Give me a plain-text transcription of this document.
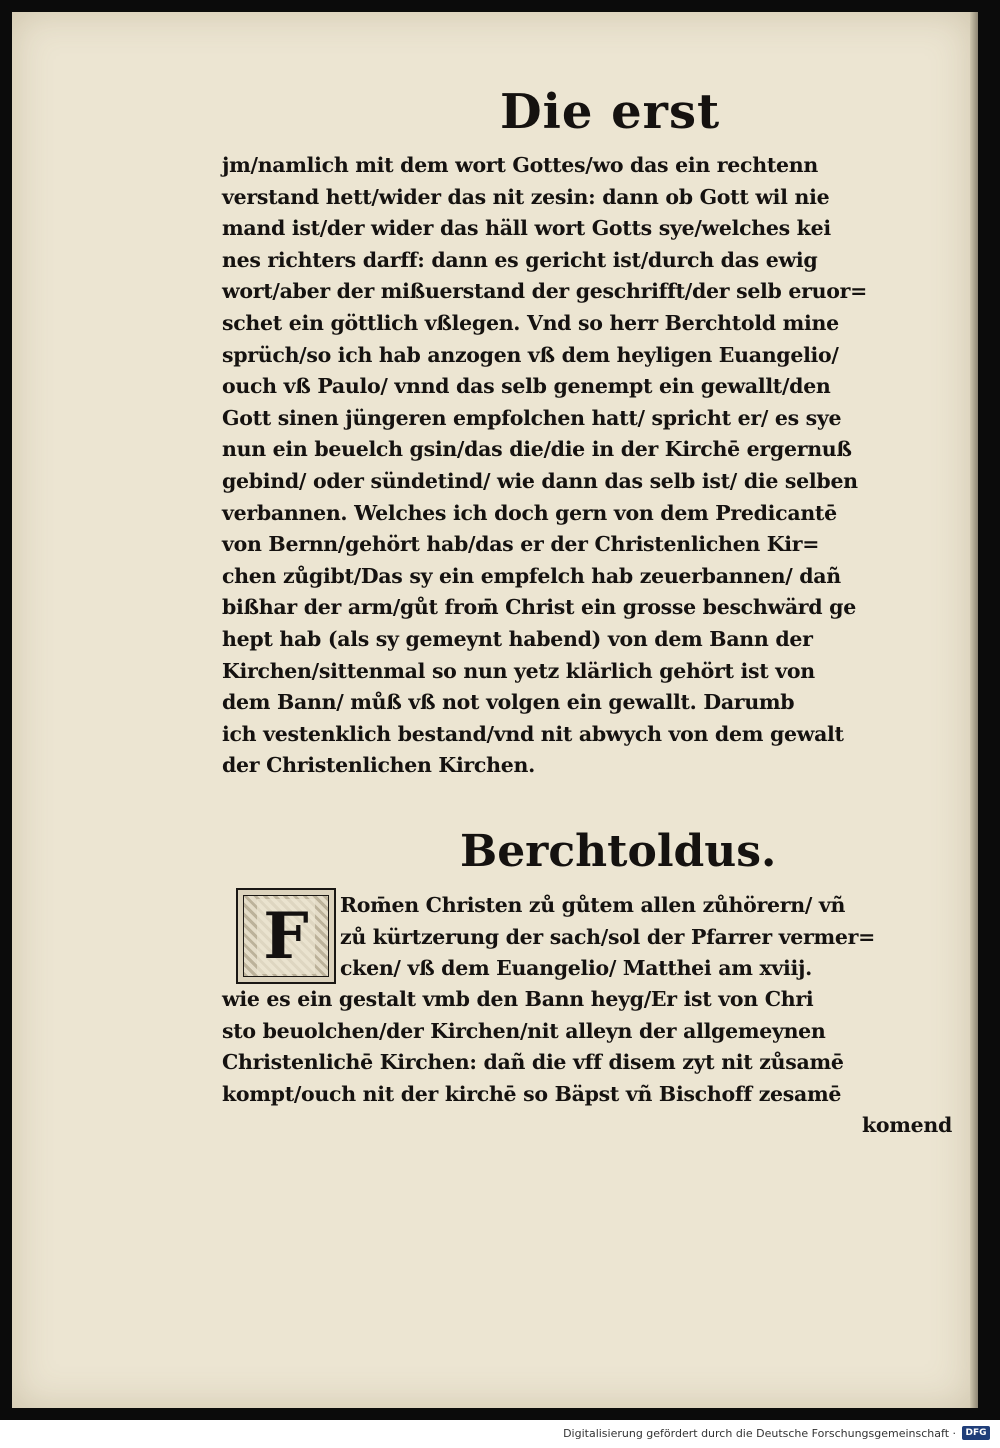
Die erst
jm/namlich mit dem wort Gottes/wo das ein rechtenn
verstand hett/wider das nit zesin: dann ob Gott wil nie
mand ist/der wider das häll wort Gotts sye/welches kei
nes richters darff: dann es gericht ist/durch das ewig
wort/aber der mißuerstand der geschrifft/der selb eruor=
schet ein göttlich vßlegen. Vnd so herr Berchtold mine
sprüch/so ich hab anzogen vß dem heyligen Euangelio/
ouch vß Paulo/ vnnd das selb genempt ein gewallt/den
Gott sinen jüngeren empfolchen hatt/ spricht er/ es sye
nun ein beuelch gsin/das die/die in der Kirchē ergernuß
gebind/ oder sündetind/ wie dann das selb ist/ die selben
verbannen. Welches ich doch gern von dem Predicantē
von Bernn/gehört hab/das er der Christenlichen Kir=
chen zůgibt/Das sy ein empfelch hab zeuerbannen/ dañ
bißhar der arm/gůt from̄ Christ ein grosse beschwärd ge
hept hab (als sy gemeynt habend) von dem Bann der
Kirchen/sittenmal so nun yetz klärlich gehört ist von
dem Bann/ můß vß not volgen ein gewallt. Darumb
ich vestenklich bestand/vnd nit abwych von dem gewalt
der Christenlichen Kirchen.
Berchtoldus.
F Rom̄en Christen zů gůtem allen zůhörern/ vñ
zů kürtzerung der sach/sol der Pfarrer vermer=
cken/ vß dem Euangelio/ Matthei am xviij.
wie es ein gestalt vmb den Bann heyg/Er ist von Chri
sto beuolchen/der Kirchen/nit alleyn der allgemeynen
Christenlichē Kirchen: dañ die vff disem zyt nit zůsamē
kompt/ouch nit der kirchē so Bäpst vñ Bischoff zesamē
komend
Digitalisierung gefördert durch die Deutsche Forschungsgemeinschaft ·	DFG
